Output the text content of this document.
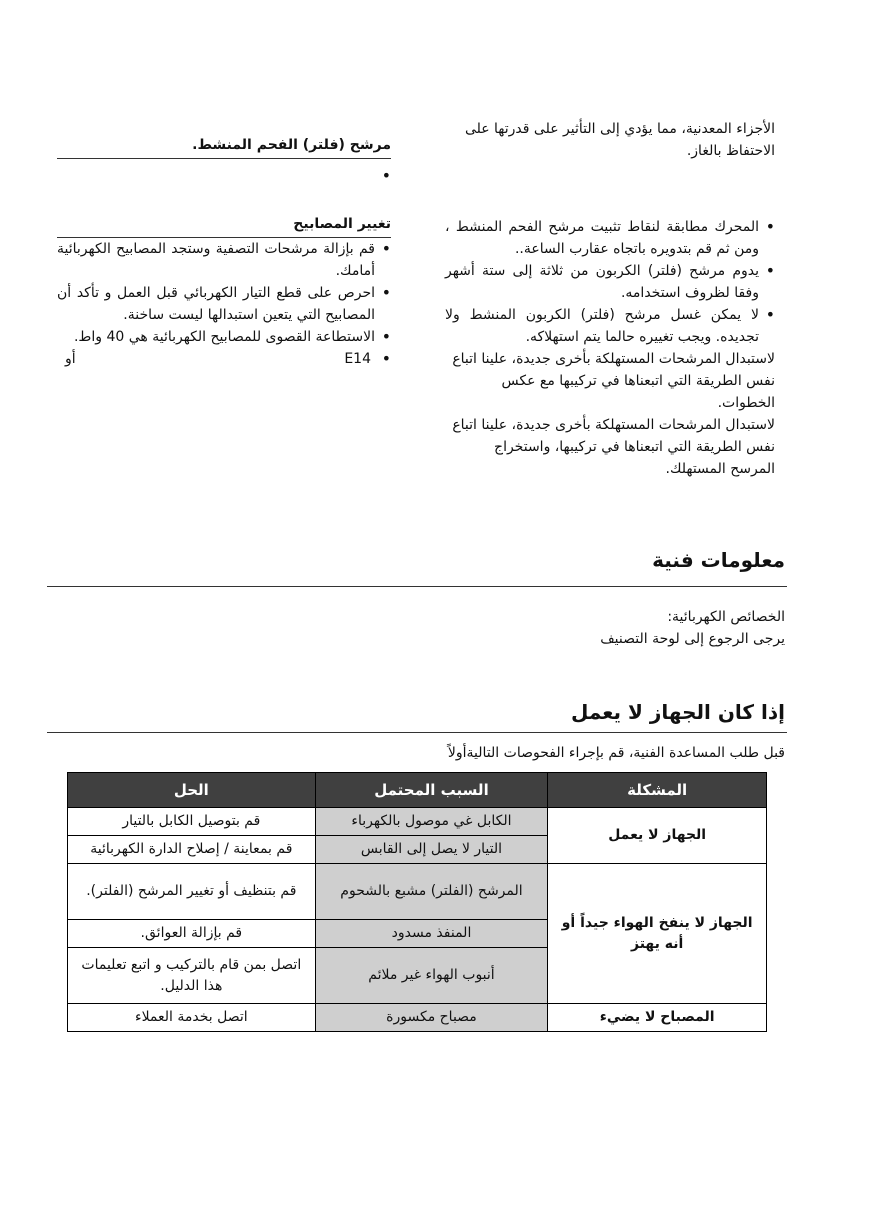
الأجزاء المعدنية، مما يؤدي إلى التأثير على قدرتها على الاحتفاظ بالغاز.

• المحرك مطابقة لنقاط تثبيت مرشح الفحم المنشط ، ومن ثم قم بتدويره باتجاه عقارب الساعة..
• يدوم مرشح (فلتر) الكربون من ثلاثة إلى ستة أشهر وفقا لظروف استخدامه.
• لا يمكن غسل مرشح (فلتر) الكربون المنشط ولا تجديده. ويجب تغييره حالما يتم استهلاكه.

لاستبدال المرشحات المستهلكة بأخرى جديدة، علينا اتباع نفس الطريقة التي اتبعناها في تركيبها مع عكس الخطوات.

لاستبدال المرشحات المستهلكة بأخرى جديدة، علينا اتباع نفس الطريقة التي اتبعناها في تركيبها، واستخراج المرسح المستهلك.

مرشح (فلتر) الفحم المنشط.
•
تغيير المصابيح
• قم بإزالة مرشحات التصفية وستجد المصابيح الكهربائية أمامك.
• احرص على قطع التيار الكهربائي قبل العمل و تأكد أن المصابيح التي يتعين استبدالها ليست ساخنة.
• الاستطاعة القصوى للمصابيح الكهربائية هي 40 واط.
• E14
أو
معلومات فنية
الخصائص الكهربائية:
يرجى الرجوع إلى لوحة التصنيف
إذا كان الجهاز لا يعمل
قبل طلب المساعدة الفنية، قم بإجراء الفحوصات التاليةأولاً
المشكلة	السبب المحتمل	الحل
الجهاز لا يعمل	الكابل غي موصول بالكهرباء	قم بتوصيل الكابل بالتيار
	التيار لا يصل إلى القابس	قم بمعاينة / إصلاح الدارة الكهربائية
الجهاز لا ينفخ الهواء جيداً أو أنه يهتز	المرشح (الفلتر) مشبع بالشحوم	قم بتنظيف أو تغيير المرشح (الفلتر).
	المنفذ مسدود	قم بإزالة العوائق.
	أنبوب الهواء غير ملائم	اتصل بمن قام بالتركيب و اتبع تعليمات هذا الدليل.
المصباح لا يضيء	مصباح مكسورة	اتصل بخدمة العملاء
